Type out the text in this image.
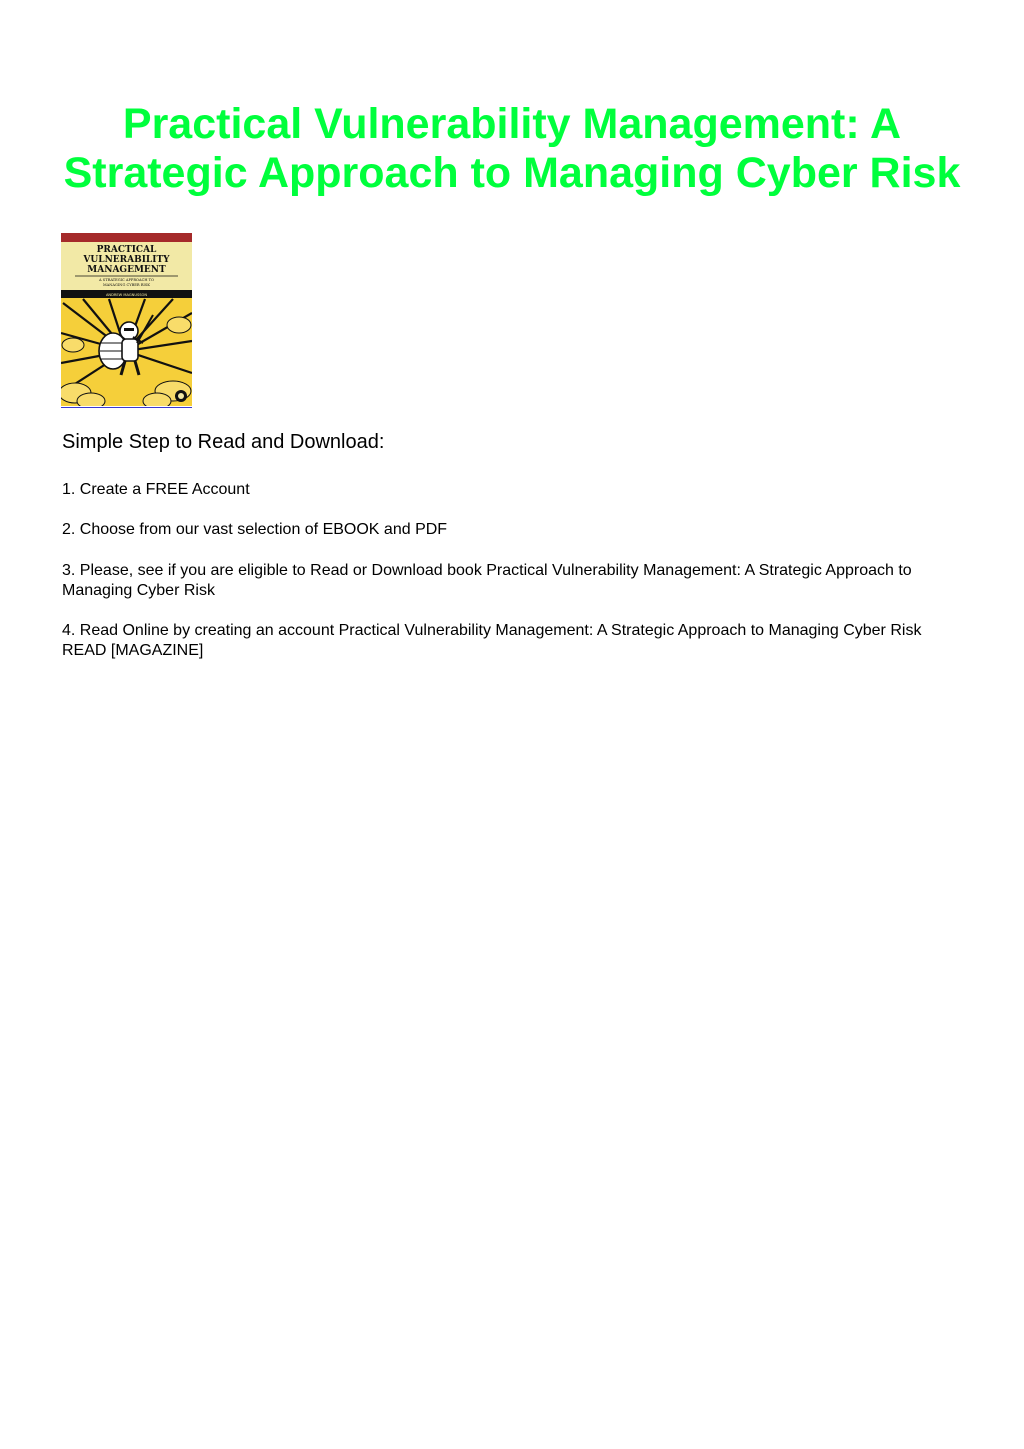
Practical Vulnerability Management: A Strategic Approach to Managing Cyber Risk
PRACTICAL
VULNERABILITY
MANAGEMENT
A STRATEGIC APPROACH TO
MANAGING CYBER RISK
ANDREW MAGNUSSON
Simple Step to Read and Download:

1. Create a FREE Account

2. Choose from our vast selection of EBOOK and PDF

3. Please, see if you are eligible to Read or Download book Practical Vulnerability Management: A Strategic Approach to Managing Cyber Risk

4. Read Online by creating an account Practical Vulnerability Management: A Strategic Approach to Managing Cyber Risk READ [MAGAZINE]
